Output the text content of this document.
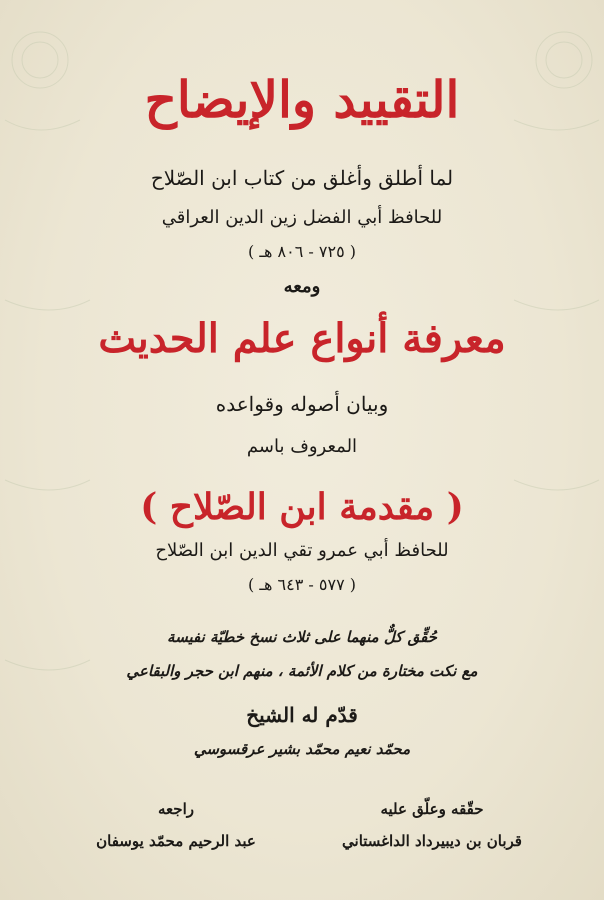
التقييد والإيضاح
لما أطلق وأغلق من كتاب ابن الصّلاح
للحافظ أبي الفضل زين الدين العراقي
( ٧٢٥ - ٨٠٦ هـ )
ومعه
معرفة أنواع علم الحديث
وبيان أصوله وقواعده
المعروف باسم
( مقدمة ابن الصّلاح )
للحافظ أبي عمرو تقي الدين ابن الصّلاح
( ٥٧٧ - ٦٤٣ هـ )
حُقِّق كلٌّ منهما على ثلاث نسخ خطيّة نفيسة
مع نكت مختارة من كلام الأئمة ، منهم ابن حجر والبقاعي
قدّم له الشيخ
محمّد نعيم محمّد بشير عرقسوسي
حقّقه وعلّق عليه
قربان بن ديبيرداد الداغستاني
راجعه
عبد الرحيم محمّد يوسفان
